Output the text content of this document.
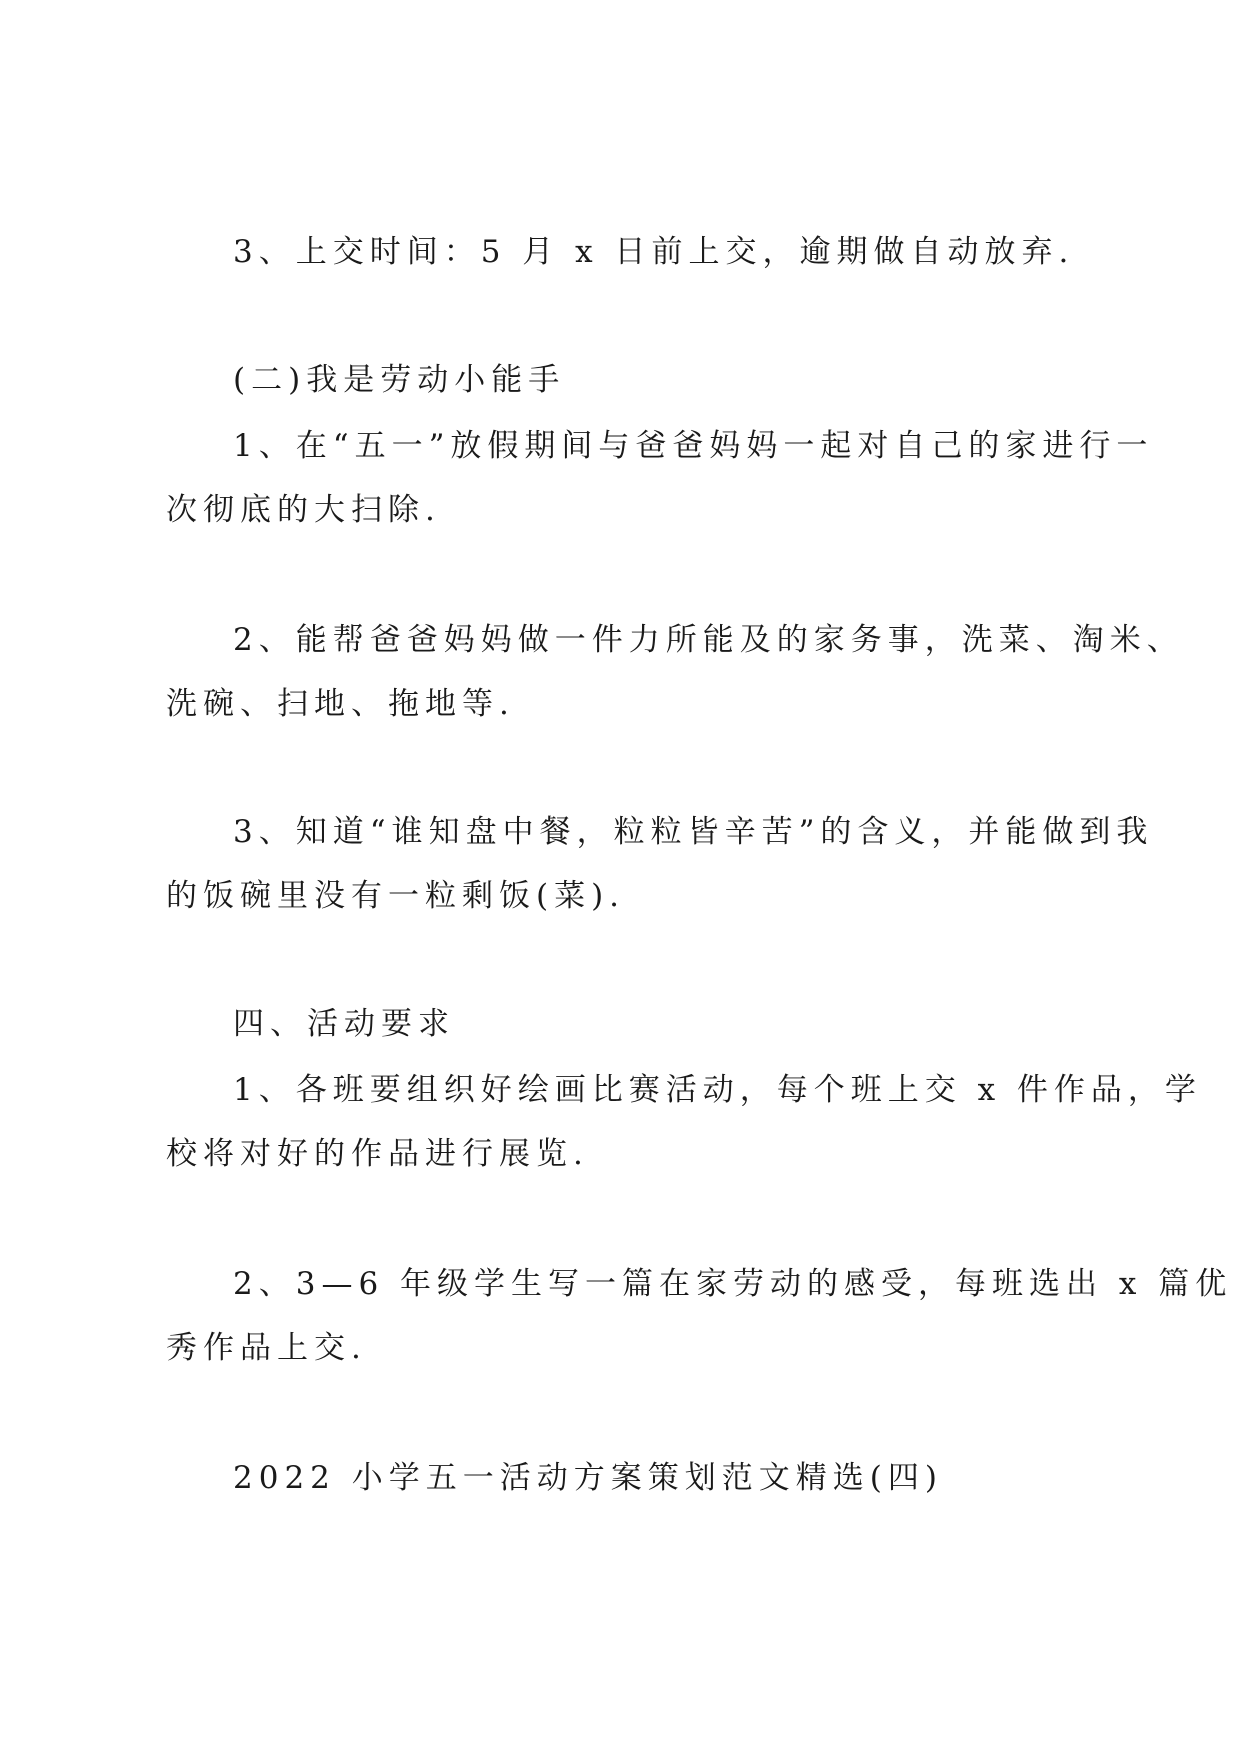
3、上交时间：5 月 x 日前上交，逾期做自动放弃.
(二)我是劳动小能手
1、在“五一”放假期间与爸爸妈妈一起对自己的家进行一
次彻底的大扫除.
2、能帮爸爸妈妈做一件力所能及的家务事，洗菜、淘米、
洗碗、扫地、拖地等.
3、知道“谁知盘中餐，粒粒皆辛苦”的含义，并能做到我
的饭碗里没有一粒剩饭(菜).
四、活动要求
1、各班要组织好绘画比赛活动，每个班上交 x 件作品，学
校将对好的作品进行展览.
2、3—6 年级学生写一篇在家劳动的感受，每班选出 x 篇优
秀作品上交.
2022 小学五一活动方案策划范文精选(四)
